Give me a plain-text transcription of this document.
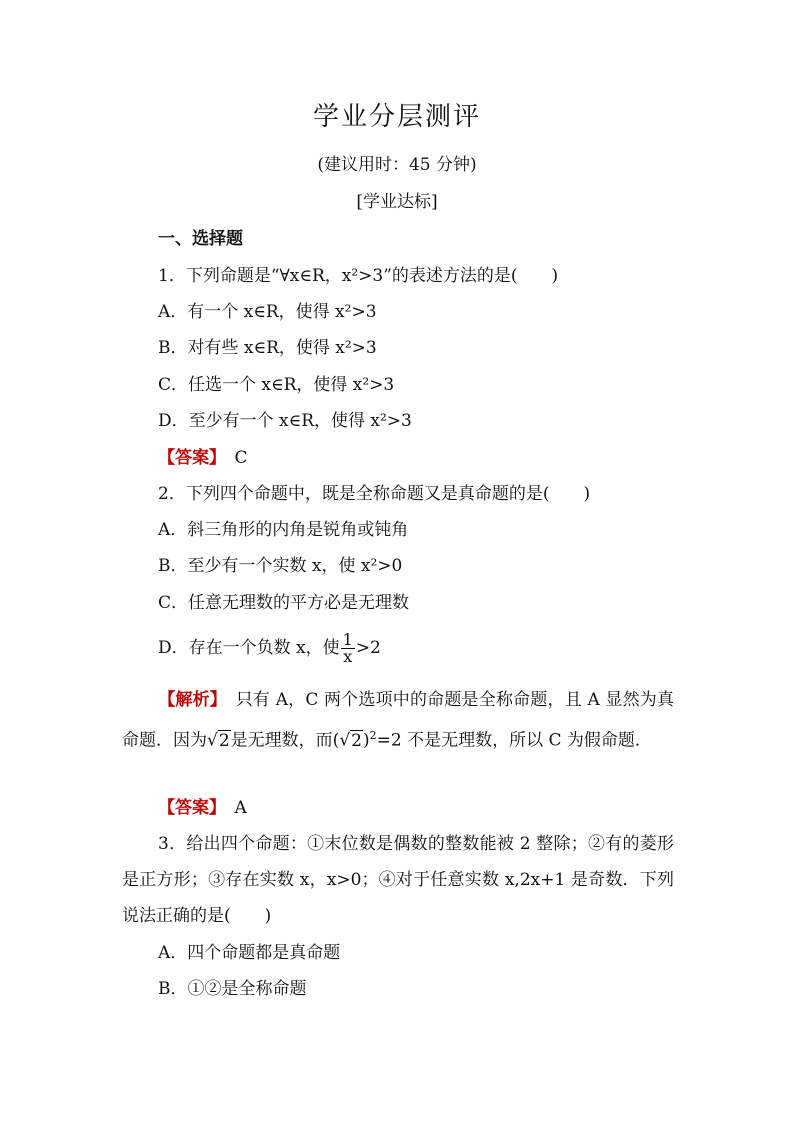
学业分层测评
(建议用时：45 分钟)
[学业达标]
一、选择题
1．下列命题是“∀x∈R，x²>3”的表述方法的是(　　)
A．有一个 x∈R，使得 x²>3
B．对有些 x∈R，使得 x²>3
C．任选一个 x∈R，使得 x²>3
D．至少有一个 x∈R，使得 x²>3
【答案】　 C
2．下列四个命题中，既是全称命题又是真命题的是(　　)
A．斜三角形的内角是锐角或钝角
B．至少有一个实数 x，使 x²>0
C．任意无理数的平方必是无理数
D．存在一个负数 x，使 $\frac{1}{x} >2$
【解析】　 只有 A，C 两个选项中的命题是全称命题，且 A 显然为真命题．因为√2是无理数，而$(√2)^2=2$ 不是无理数，所以 C 为假命题．
【答案】　 A
3．给出四个命题：①末位数是偶数的整数能被 2 整除；②有的菱形是正方形；③存在实数 x，x>0；④对于任意实数 x,2x+1 是奇数．下列说法正确的是(　　)
A．四个命题都是真命题
B．①②是全称命题
